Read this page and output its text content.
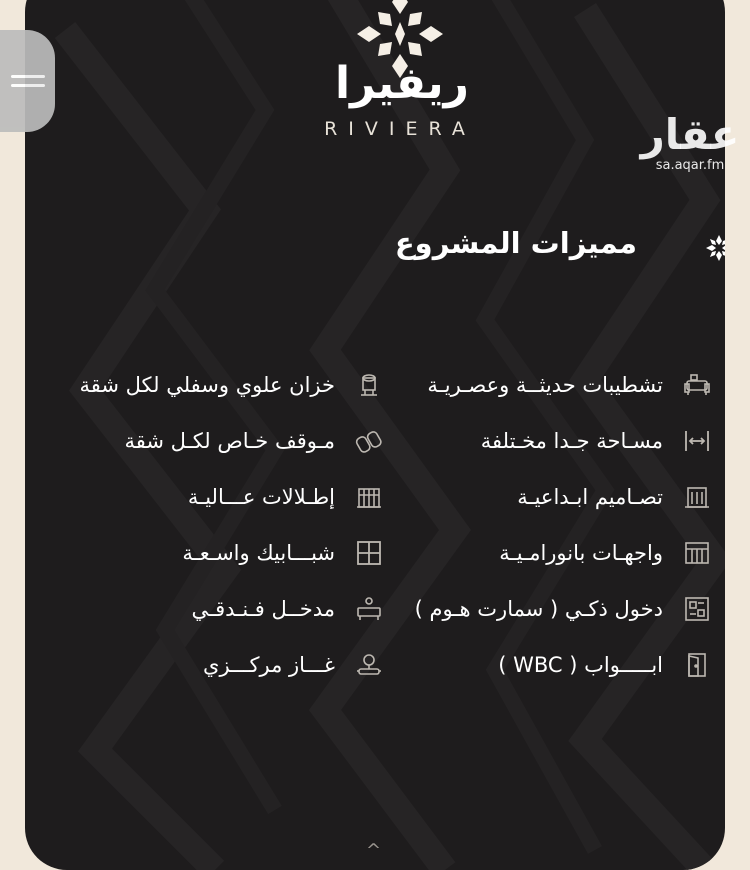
ريفيرا
RIVIERA
مميزات المشروع
تشطيبات حديثــة وعصـريـة
مسـاحة جـدا مخـتلفة
تصـاميم ابـداعيـة
واجهـات بانورامـيـة
دخول ذكـي ( سمارت هـوم )
ابـــــواب ( WBC )
خزان علوي وسفلي لكل شقة
مـوقف خـاص لكـل شقة
إطـلالات عـــاليـة
شبـــابيك واسـعـة
مدخــل فـنـدقـي
غـــاز مركـــزي
عقار
sa.aqar.fm
^
